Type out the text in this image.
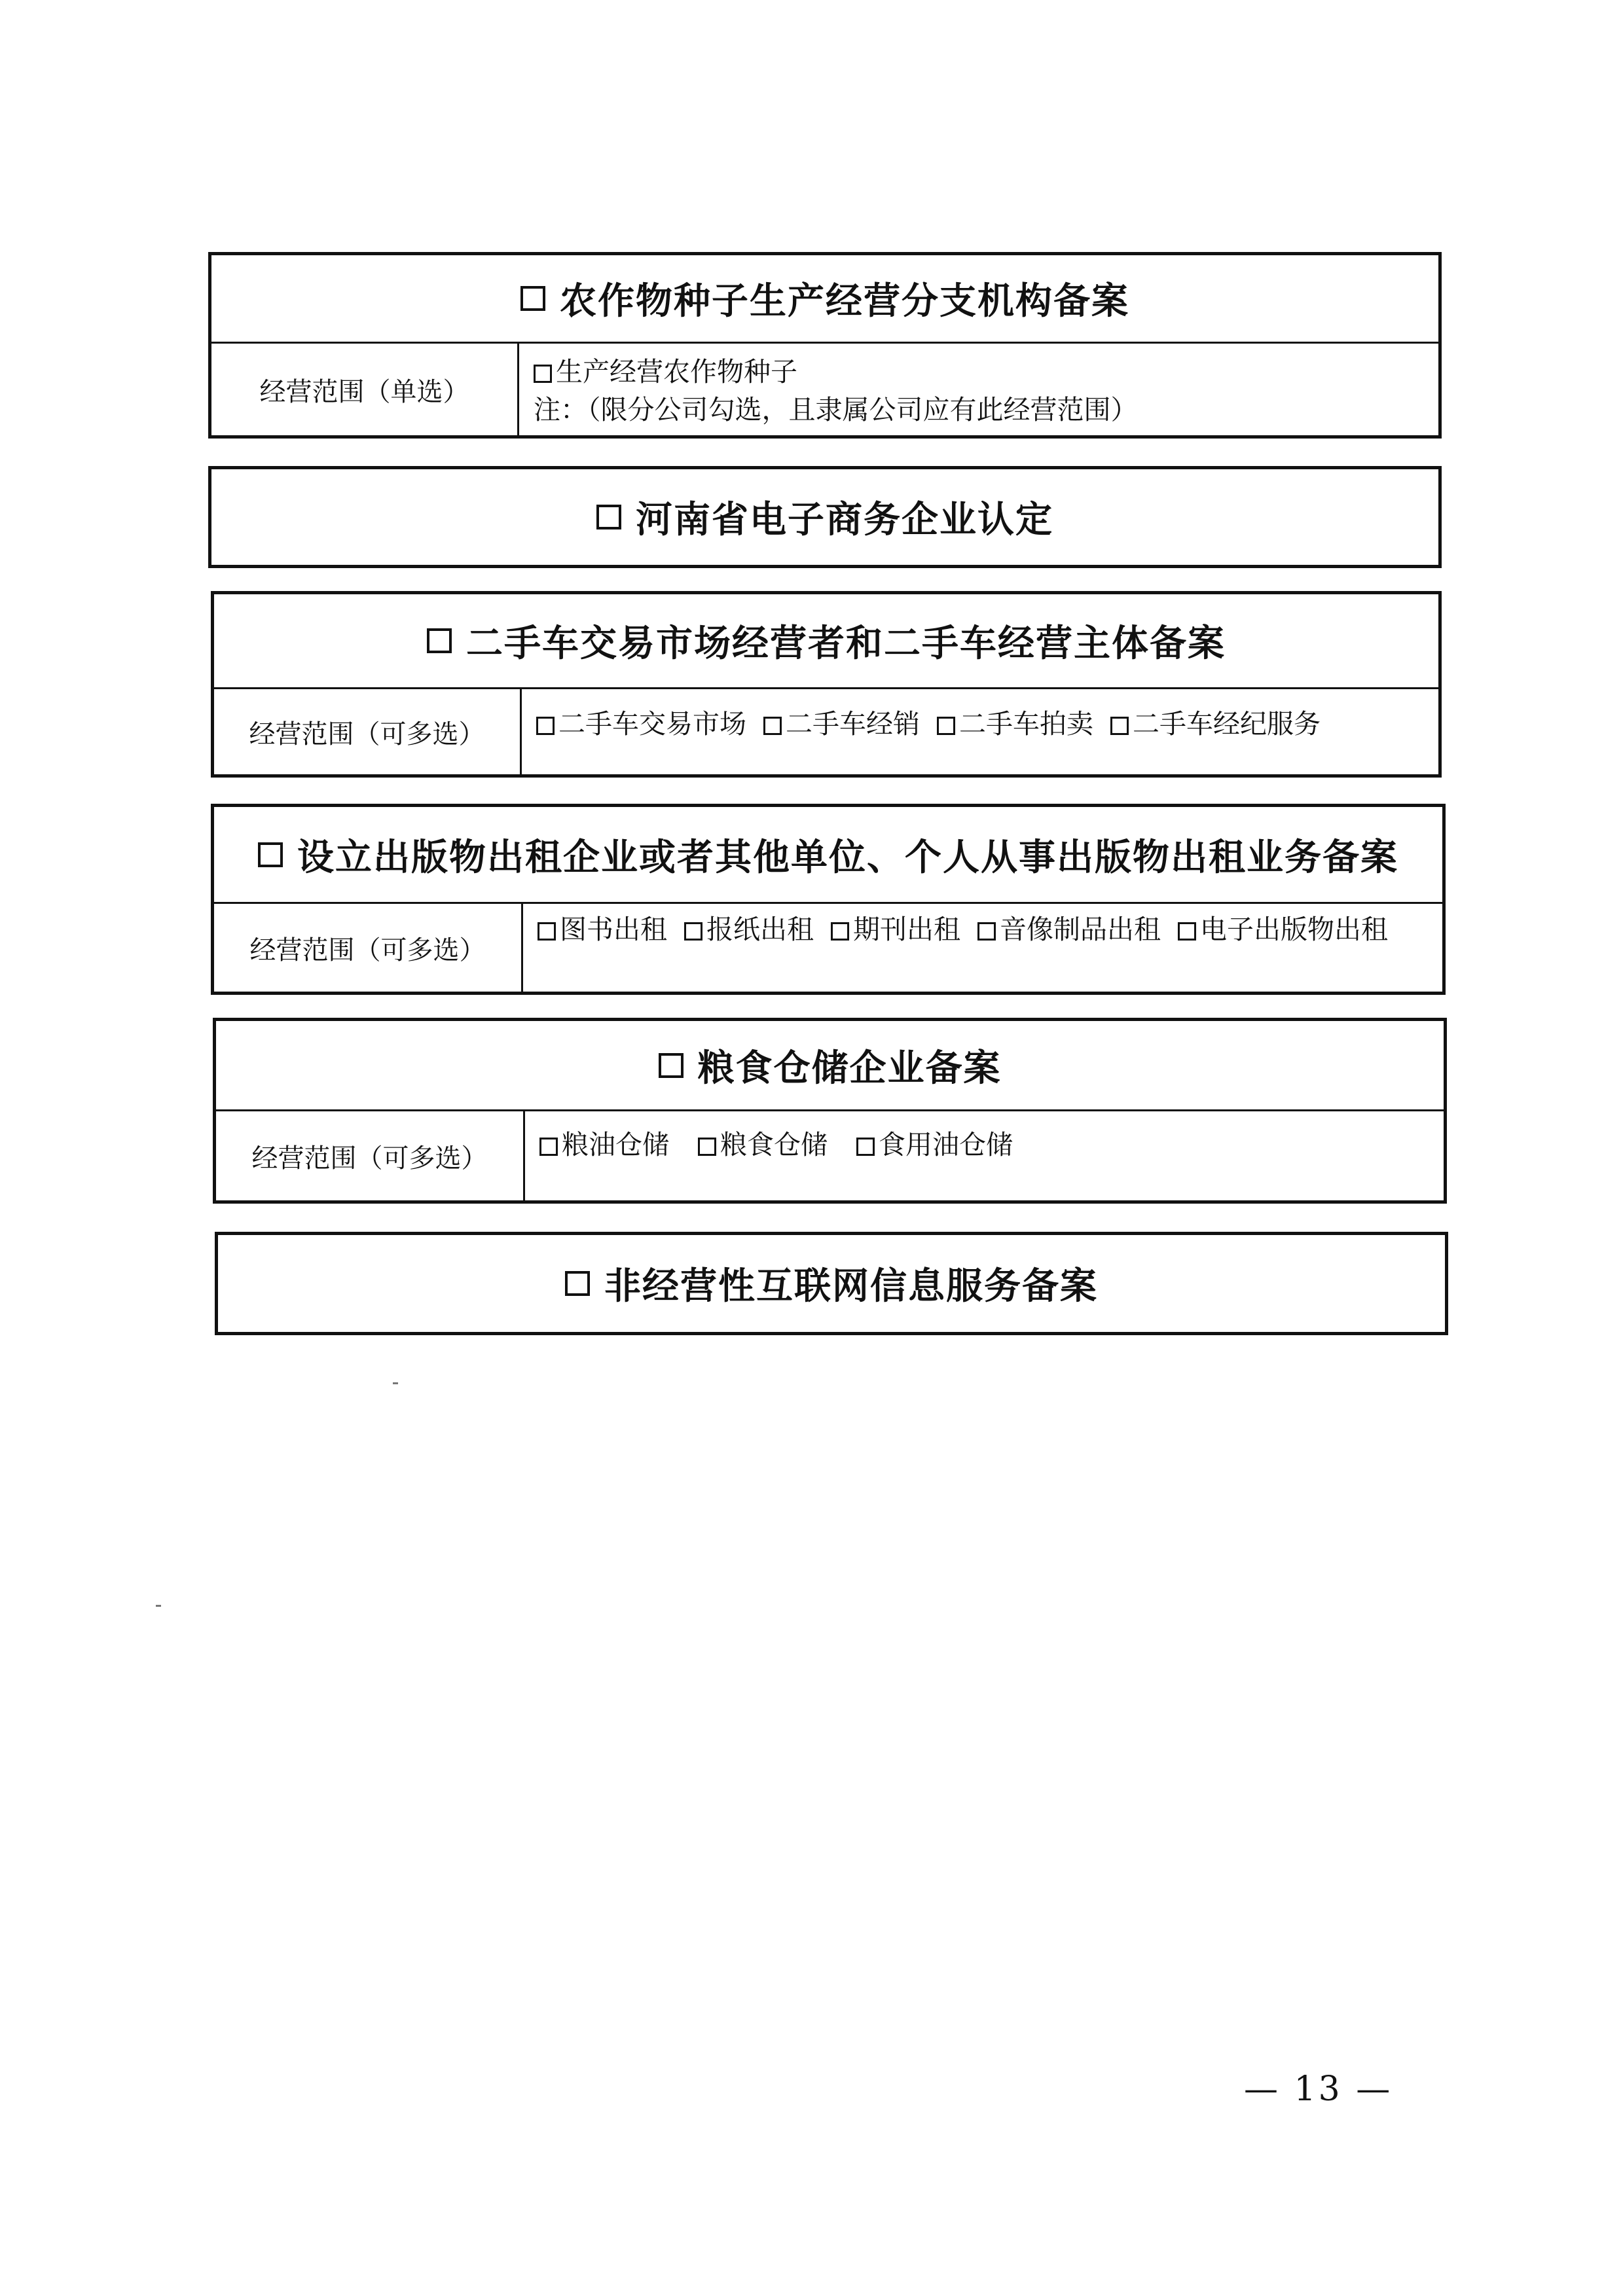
农作物种子生产经营分支机构备案
经营范围（单选）
生产经营农作物种子
注：（限分公司勾选，且隶属公司应有此经营范围）
河南省电子商务企业认定
二手车交易市场经营者和二手车经营主体备案
经营范围（可多选）	二手车交易市场 二手车经销 二手车拍卖 二手车经纪服务
设立出版物出租企业或者其他单位、个人从事出版物出租业务备案
经营范围（可多选）
图书出租 报纸出租 期刊出租 音像制品出租 电子出版物出租
粮食仓储企业备案
经营范围（可多选）	粮油仓储 粮食仓储 食用油仓储
非经营性互联网信息服务备案
— 13 —
